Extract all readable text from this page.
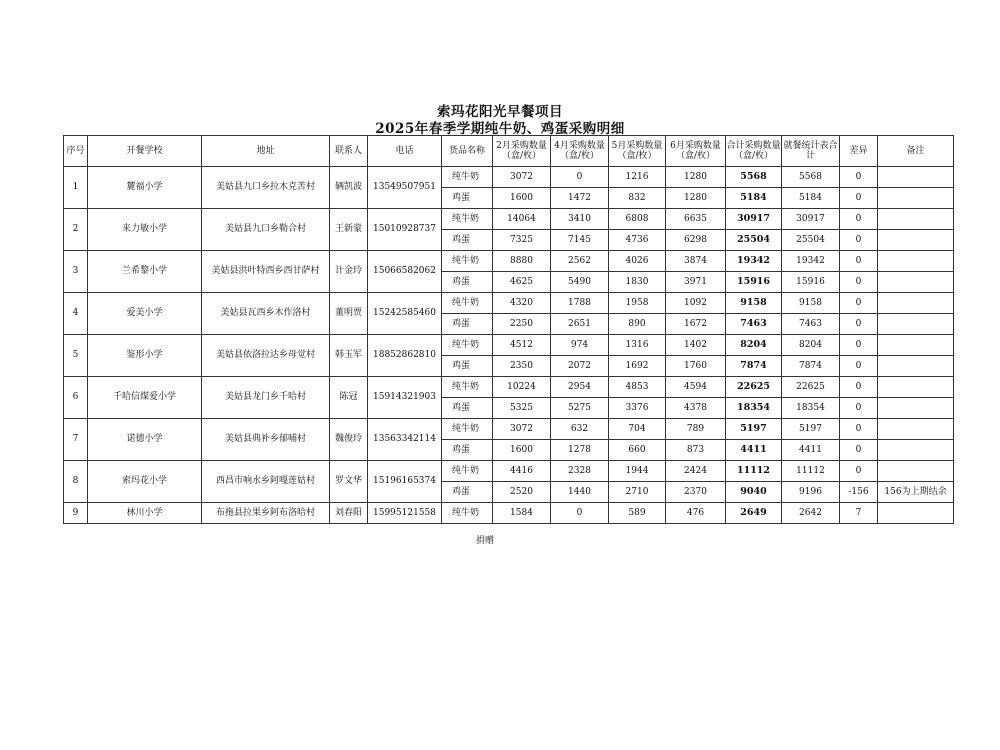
索玛花阳光早餐项目
2025年春季学期纯牛奶、鸡蛋采购明细
序号	开餐学校	地址	联系人	电话	货品名称	2月采购数量（盒/枚）	4月采购数量（盒/枚）	5月采购数量（盒/枚）	6月采购数量（盒/枚）	合计采购数量（盒/枚）	就餐统计表合计	差异	备注
1	麓福小学	美姑县九口乡拉木克苦村	辆凯波	13549507951	纯牛奶	3072	0	1216	1280	5568	5568	0	
					鸡蛋	1600	1472	832	1280	5184	5184	0	
2	来力敏小学	美姑县九口乡勒合村	王新蒙	15010928737	纯牛奶	14064	3410	6808	6635	30917	30917	0	
					鸡蛋	7325	7145	4736	6298	25504	25504	0	
3	兰希黎小学	美姑县洪叶特西乡西甘萨村	计金玲	15066582062	纯牛奶	8880	2562	4026	3874	19342	19342	0	
					鸡蛋	4625	5490	1830	3971	15916	15916	0	
4	爱美小学	美姑县瓦西乡木作洛村	董明贾	15242585460	纯牛奶	4320	1788	1958	1092	9158	9158	0	
					鸡蛋	2250	2651	890	1672	7463	7463	0	
5	鉴形小学	美姑县依洛拉达乡母觉村	韩玉军	18852862810	纯牛奶	4512	974	1316	1402	8204	8204	0	
					鸡蛋	2350	2072	1692	1760	7874	7874	0	
6	千哈信煤爱小学	美姑县龙门乡千哈村	陈冠	15914321903	纯牛奶	10224	2954	4853	4594	22625	22625	0	
					鸡蛋	5325	5275	3376	4378	18354	18354	0	
7	诺德小学	美姑县典补乡郁哺村	魏俊玲	13563342114	纯牛奶	3072	632	704	789	5197	5197	0	
					鸡蛋	1600	1278	660	873	4411	4411	0	
8	索玛花小学	西昌市响水乡阿嘎莲姑村	罗文华	15196165374	纯牛奶	4416	2328	1944	2424	11112	11112	0	
					鸡蛋	2520	1440	2710	2370	9040	9196	-156	156为上期结余
9	林川小学	布拖县拉果乡阿布洛哈村	刘春阳	15995121558	纯牛奶	1584	0	589	476	2649	2642	7	
捐赠
